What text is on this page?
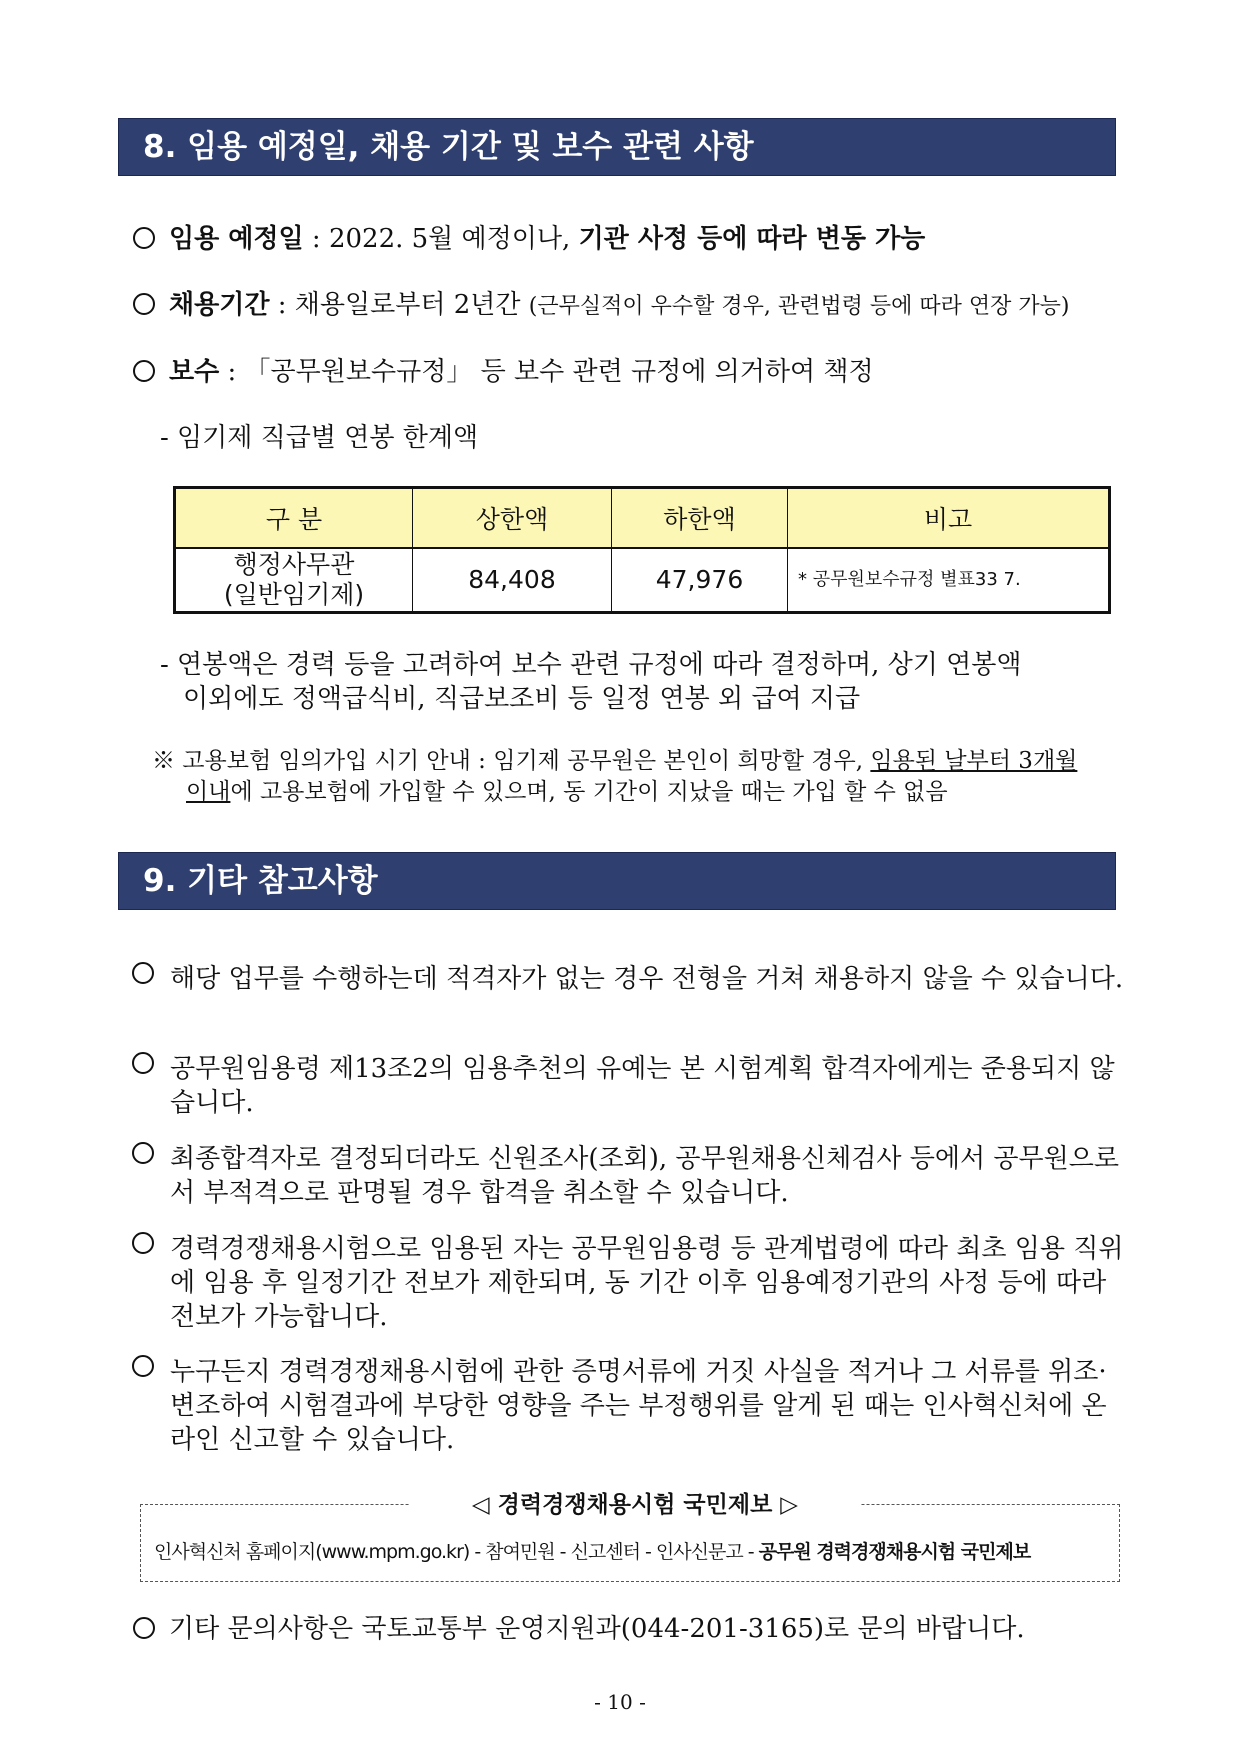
8. 임용 예정일, 채용 기간 및 보수 관련 사항
임용 예정일 : 2022. 5월 예정이나, 기관 사정 등에 따라 변동 가능
채용기간 : 채용일로부터 2년간 (근무실적이 우수할 경우, 관련법령 등에 따라 연장 가능)
보수 : 「공무원보수규정」 등 보수 관련 규정에 의거하여 책정
- 임기제 직급별 연봉 한계액
구 분	상한액	하한액	비고

행정사무관
(일반임기제)	84,408	47,976	* 공무원보수규정 별표33 7.
- 연봉액은 경력 등을 고려하여 보수 관련 규정에 따라 결정하며, 상기 연봉액
이외에도 정액급식비, 직급보조비 등 일정 연봉 외 급여 지급
※ 고용보험 임의가입 시기 안내 : 임기제 공무원은 본인이 희망할 경우, 임용된 날부터 3개월
이내에 고용보험에 가입할 수 있으며, 동 기간이 지났을 때는 가입 할 수 없음
9. 기타 참고사항
해당 업무를 수행하는데 적격자가 없는 경우 전형을 거쳐 채용하지 않을 수 있습니다.
공무원임용령 제13조2의 임용추천의 유예는 본 시험계획 합격자에게는 준용되지 않습니다.
최종합격자로 결정되더라도 신원조사(조회), 공무원채용신체검사 등에서 공무원으로서 부적격으로 판명될 경우 합격을 취소할 수 있습니다.
경력경쟁채용시험으로 임용된 자는 공무원임용령 등 관계법령에 따라 최초 임용 직위에 임용 후 일정기간 전보가 제한되며, 동 기간 이후 임용예정기관의 사정 등에 따라 전보가 가능합니다.
누구든지 경력경쟁채용시험에 관한 증명서류에 거짓 사실을 적거나 그 서류를 위조·변조하여 시험결과에 부당한 영향을 주는 부정행위를 알게 된 때는 인사혁신처에 온라인 신고할 수 있습니다.
◁ 경력경쟁채용시험 국민제보 ▷
인사혁신처 홈페이지(www.mpm.go.kr) - 참여민원 - 신고센터 - 인사신문고 - 공무원 경력경쟁채용시험 국민제보
기타 문의사항은 국토교통부 운영지원과(044-201-3165)로 문의 바랍니다.
- 10 -
